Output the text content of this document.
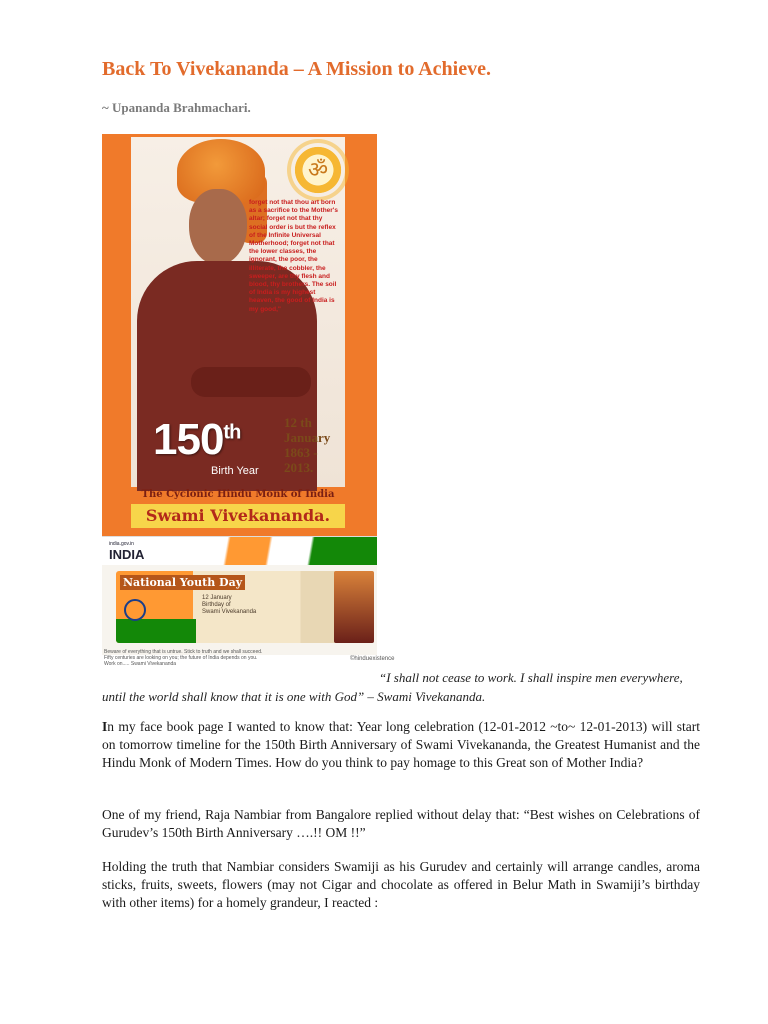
Back To Vivekananda – A Mission to Achieve.
~ Upananda Brahmachari.
ॐ
forget not that thou art born as a sacrifice to the Mother's altar; forget not that thy social order is but the reflex of the Infinite Universal Motherhood; forget not that the lower classes, the ignorant, the poor, the illiterate, the cobbler, the sweeper, are thy flesh and blood, thy brothers. The soil of India is my highest heaven, the good of India is my good,"
150th
Birth Year
12 th
January
1863 -
2013.
The Cyclonic Hindu Monk of India
Swami Vivekananda.
india.gov.in
INDIA
National Youth Day
12 January
Birthday of
Swami Vivekananda
Beware of everything that is untrue. Stick to truth and we shall succeed.
Fifty centuries are looking on you; the future of India depends on you.
Work on..... Swami Vivekananda
©hinduexistence
“I shall not cease to work. I shall inspire men everywhere, until the world shall know that it is one with God” – Swami Vivekananda.
In my face book page I wanted to know that: Year long celebration (12-01-2012 ~to~ 12-01-2013) will start on tomorrow timeline for the 150th Birth Anniversary of Swami Vivekananda, the Greatest Humanist and the Hindu Monk of Modern Times. How do you think to pay homage to this Great son of Mother India?
One of my friend, Raja Nambiar from Bangalore replied without delay that: “Best wishes on Celebrations of Gurudev’s 150th Birth Anniversary ….!! OM !!”
Holding the truth that Nambiar considers Swamiji as his Gurudev and certainly will arrange candles, aroma sticks, fruits, sweets, flowers (may not Cigar and chocolate as offered in Belur Math in Swamiji’s birthday with other items) for a homely grandeur, I reacted :
